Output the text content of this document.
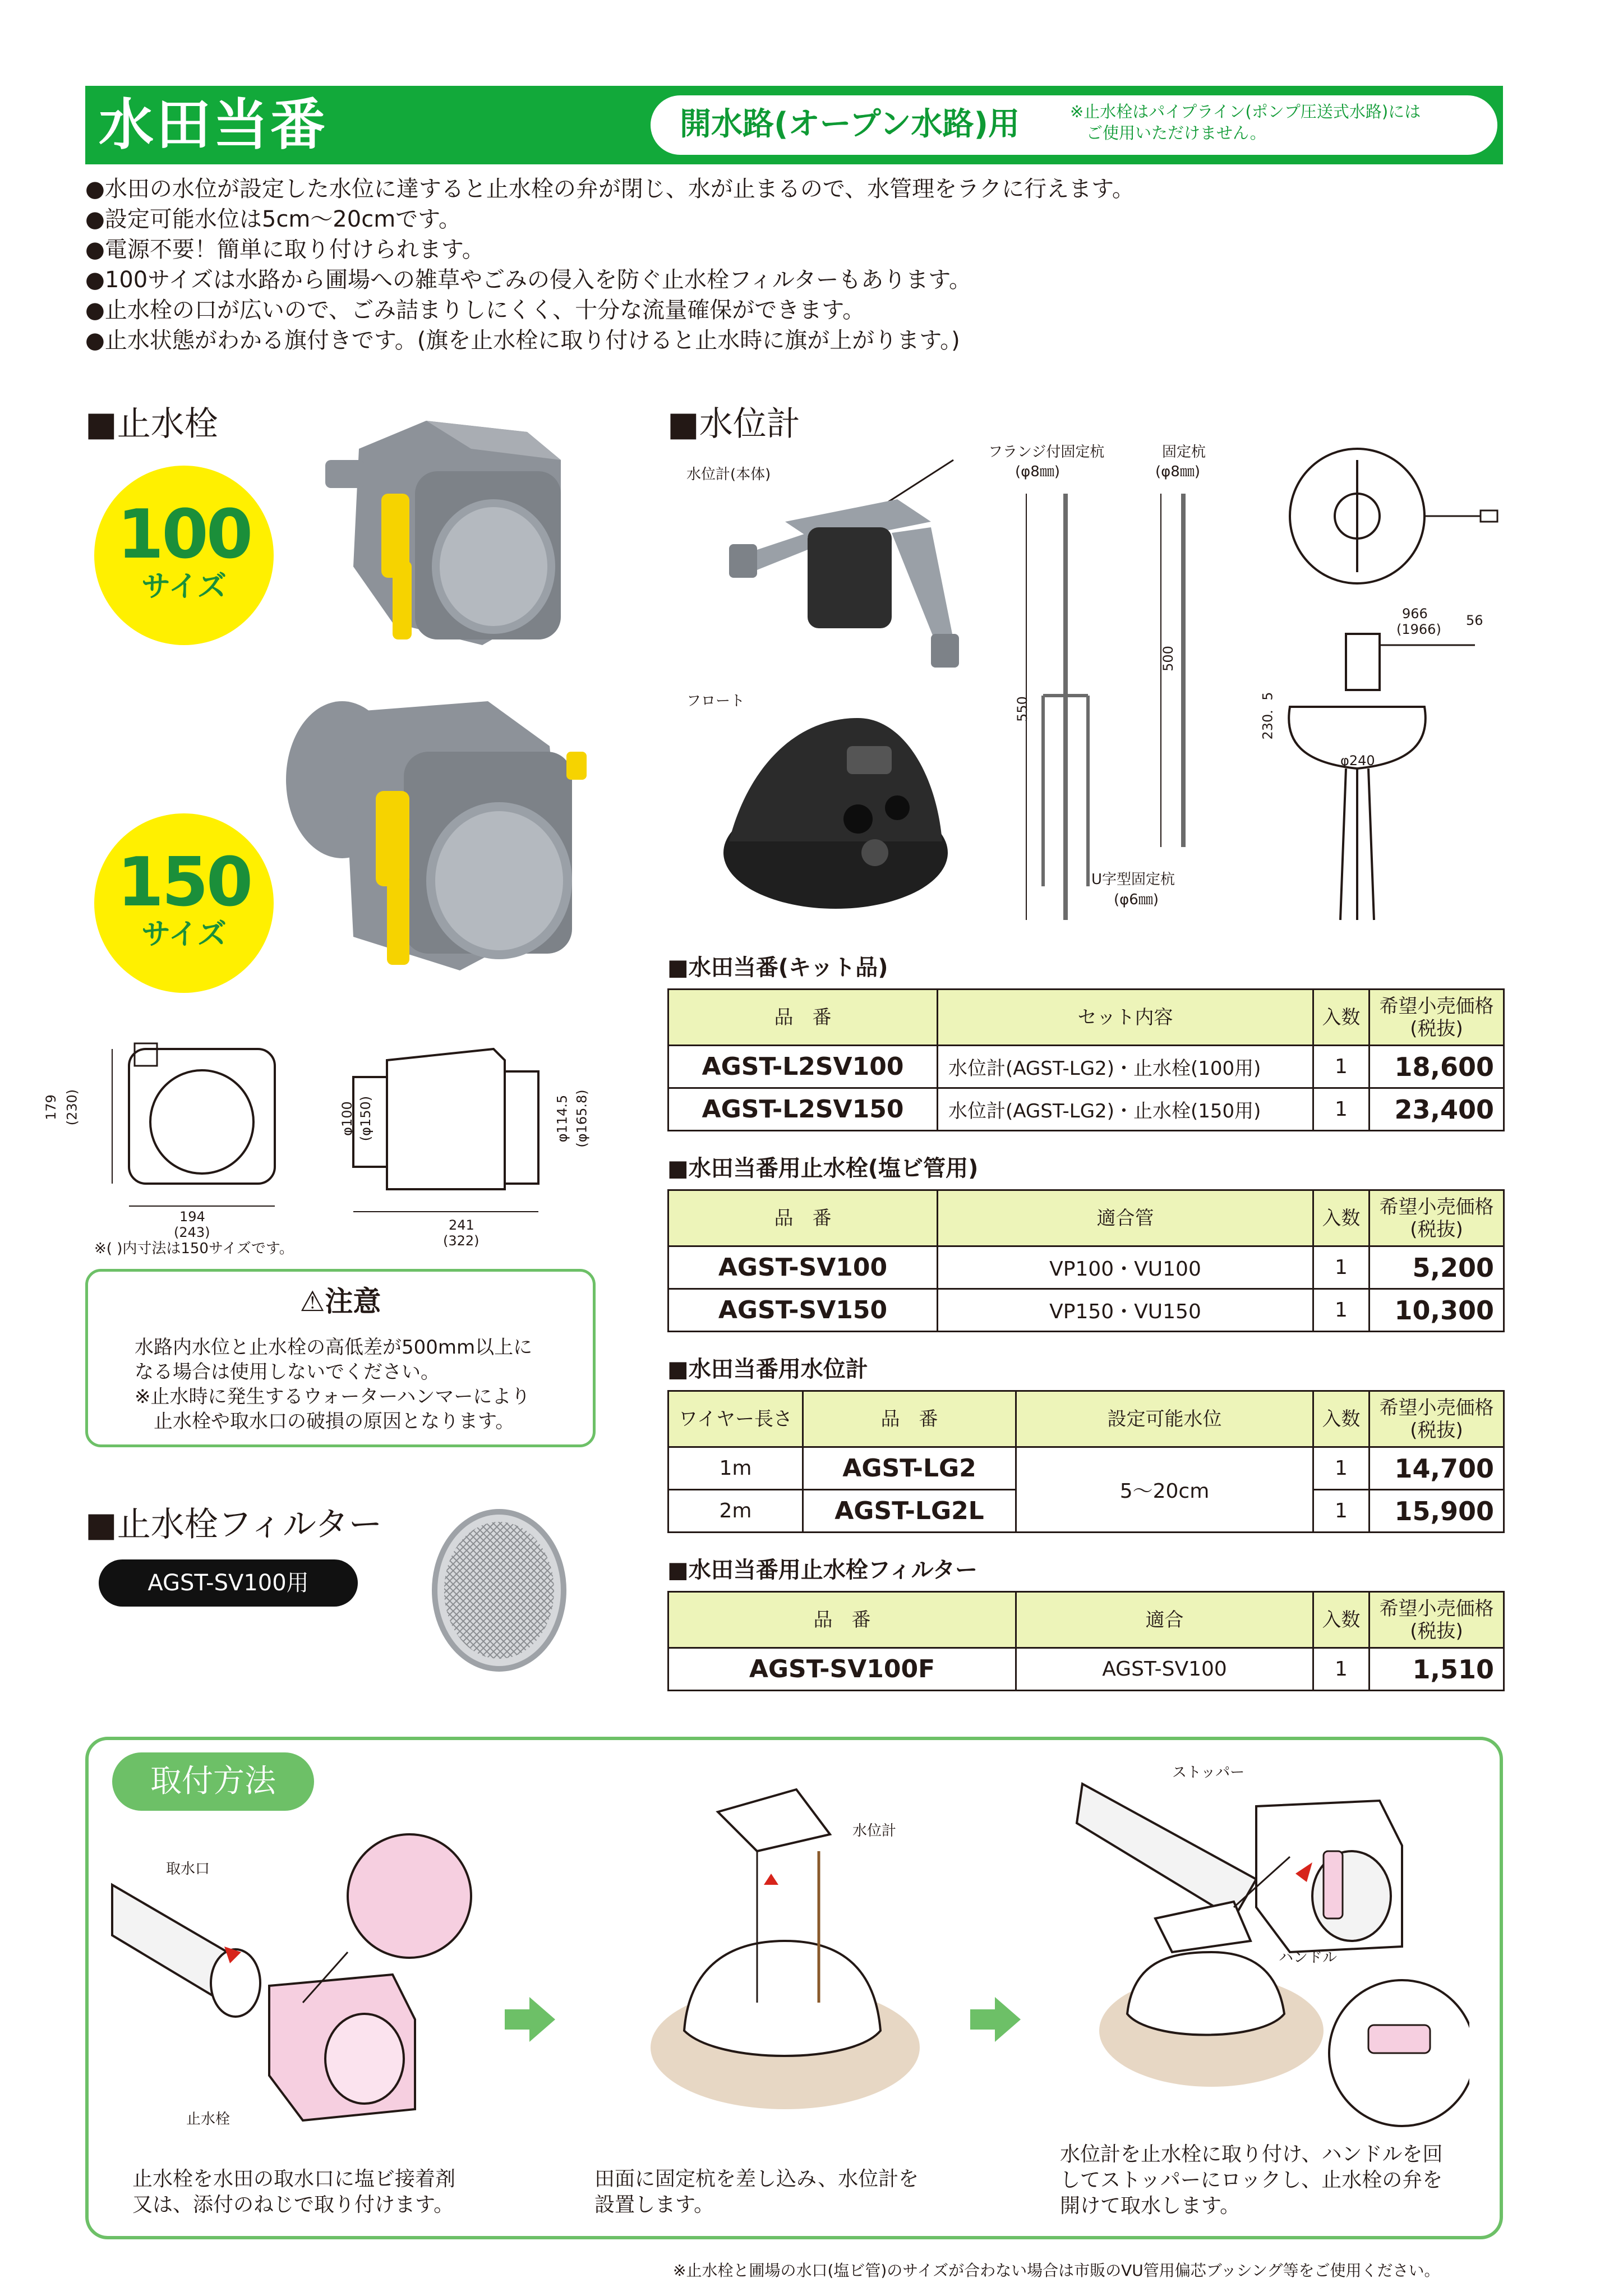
水田当番	開水路(オープン水路)用	※止水栓はパイプライン(ポンプ圧送式水路)には
　ご使用いただけません。
● 水田の水位が設定した水位に達すると止水栓の弁が閉じ、水が止まるので、水管理をラクに行えます。
● 設定可能水位は5cm～20cmです。
● 電源不要！簡単に取り付けられます。
● 100サイズは水路から圃場への雑草やごみの侵入を防ぐ止水栓フィルターもあります。
● 止水栓の口が広いので、ごみ詰まりしにくく、十分な流量確保ができます。
● 止水状態がわかる旗付きです。(旗を止水栓に取り付けると止水時に旗が上がります。)
■ 止水栓
100
サイズ
150
サイズ
179 (230)
194
(243)
φ100 (φ150)	φ114.5 (φ165.8)
241
(322)
※( )内寸法は150サイズです。
⚠注意
水路内水位と止水栓の高低差が500mm以上に
なる場合は使用しないでください。
※止水時に発生するウォーターハンマーにより
　止水栓や取水口の破損の原因となります。
■ 止水栓フィルター
AGST-SV100用
■ 水位計
水位計(本体)
フロート
フランジ付固定杭
(φ8㎜)
固定杭
(φ8㎜)
550
500
U字型固定杭
(φ6㎜)
966
(1966)
56
230．5
φ240
■ 水田当番(キット品)
品　番	セット内容	入数	希望小売価格
(税抜)
AGST-L2SV100	水位計(AGST-LG2)・止水栓(100用)	1	18,600
AGST-L2SV150	水位計(AGST-LG2)・止水栓(150用)	1	23,400
■ 水田当番用止水栓(塩ビ管用)
品　番	適合管	入数	希望小売価格
(税抜)
AGST-SV100	VP100・VU100	1	5,200
AGST-SV150	VP150・VU150	1	10,300
■ 水田当番用水位計
ワイヤー長さ	品　番	設定可能水位	入数	希望小売価格
(税抜)
1m	AGST-LG2	5～20cm	1	14,700
2m	AGST-LG2L		1	15,900
■ 水田当番用止水栓フィルター
品　番	適合	入数	希望小売価格
(税抜)
AGST-SV100F	AGST-SV100	1	1,510
取付方法
取水口
止水栓
水位計
ストッパー
ハンドル
止水栓を水田の取水口に塩ビ接着剤
又は、添付のねじで取り付けます。
田面に固定杭を差し込み、水位計を
設置します。
水位計を止水栓に取り付け、ハンドルを回
してストッパーにロックし、止水栓の弁を
開けて取水します。
※止水栓と圃場の水口(塩ビ管)のサイズが合わない場合は市販のVU管用偏芯ブッシング等をご使用ください。
